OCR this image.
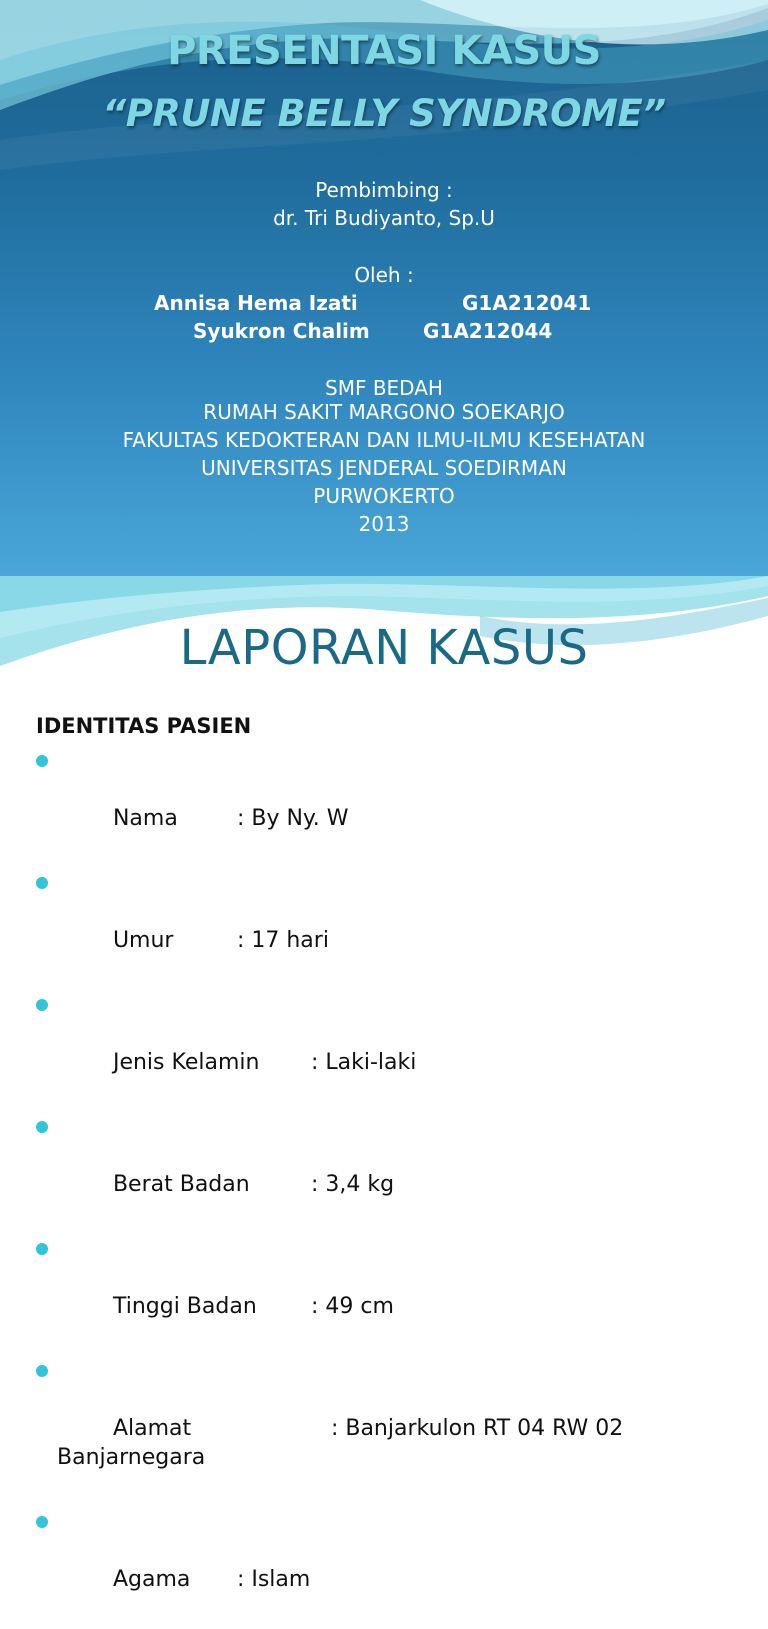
PRESENTASI KASUS
“PRUNE BELLY SYNDROME”
Pembimbing :
dr. Tri Budiyanto, Sp.U
Oleh :
Annisa Hema Izati	G1A212041
Syukron Chalim	G1A212044
SMF BEDAH
RUMAH SAKIT MARGONO SOEKARJO
FAKULTAS KEDOKTERAN DAN ILMU-ILMU KESEHATAN
UNIVERSITAS JENDERAL SOEDIRMAN
PURWOKERTO
2013
LAPORAN KASUS
IDENTITAS PASIEN

Nama	: By Ny. W

Umur	: 17 hari

Jenis Kelamin : Laki-laki

Berat Badan	: 3,4 kg

Tinggi Badan : 49 cm

Alamat	: Banjarkulon RT 04 RW 02
Banjarnegara

Agama : Islam
